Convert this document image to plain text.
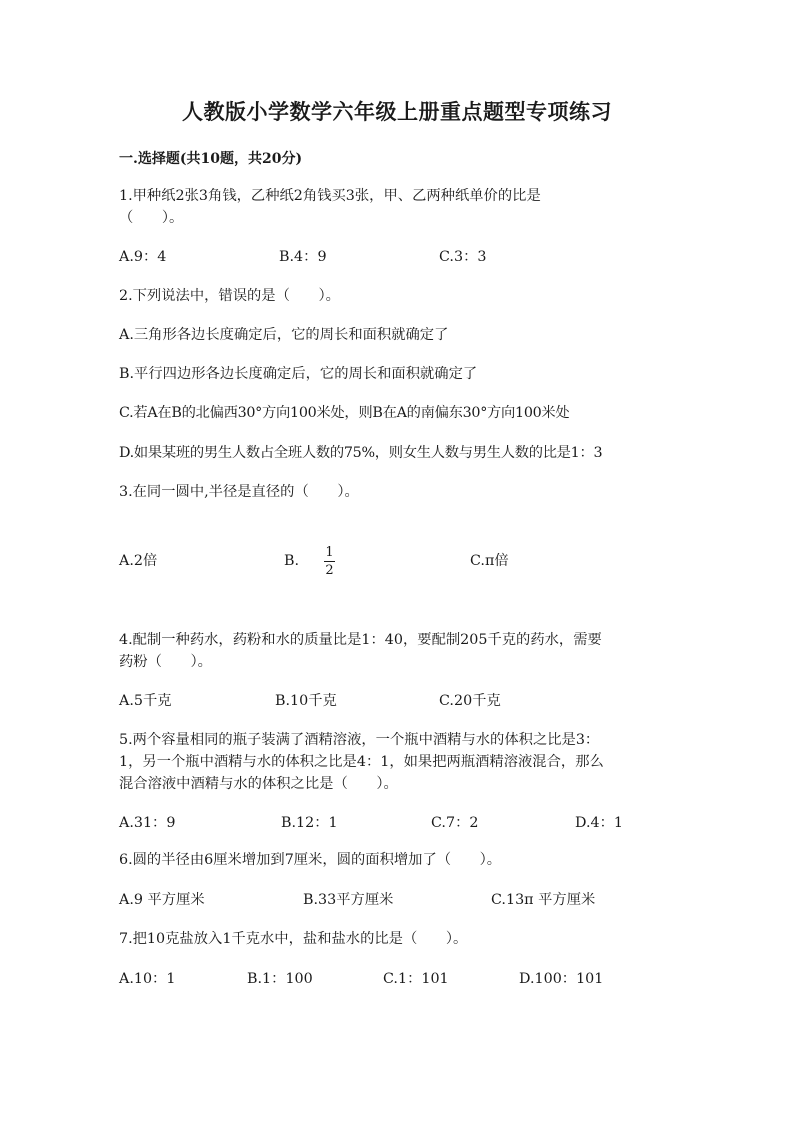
人教版小学数学六年级上册重点题型专项练习
一.选择题(共10题，共20分)
1.甲种纸2张3角钱，乙种纸2角钱买3张，甲、乙两种纸单价的比是
（　　）。
A.9：4	B.4：9	C.3：3
2.下列说法中，错误的是（　　）。
A.三角形各边长度确定后，它的周长和面积就确定了
B.平行四边形各边长度确定后，它的周长和面积就确定了
C.若A在B的北偏西30°方向100米处，则B在A的南偏东30°方向100米处
D.如果某班的男生人数占全班人数的75%，则女生人数与男生人数的比是1：3
3.在同一圆中,半径是直径的（　　）。
A.2倍	B.
1
2
C.π倍
4.配制一种药水，药粉和水的质量比是1：40，要配制205千克的药水，需要
药粉（　　）。
A.5千克	B.10千克	C.20千克
5.两个容量相同的瓶子装满了酒精溶液，一个瓶中酒精与水的体积之比是3：
1，另一个瓶中酒精与水的体积之比是4：1，如果把两瓶酒精溶液混合，那么
混合溶液中酒精与水的体积之比是（　　）。
A.31：9	B.12：1	C.7：2	D.4：1
6.圆的半径由6厘米增加到7厘米，圆的面积增加了（　　）。
A.9 平方厘米	B.33平方厘米	C.13π 平方厘米
7.把10克盐放入1千克水中，盐和盐水的比是（　　）。
A.10：1	B.1：100	C.1：101	D.100：101
